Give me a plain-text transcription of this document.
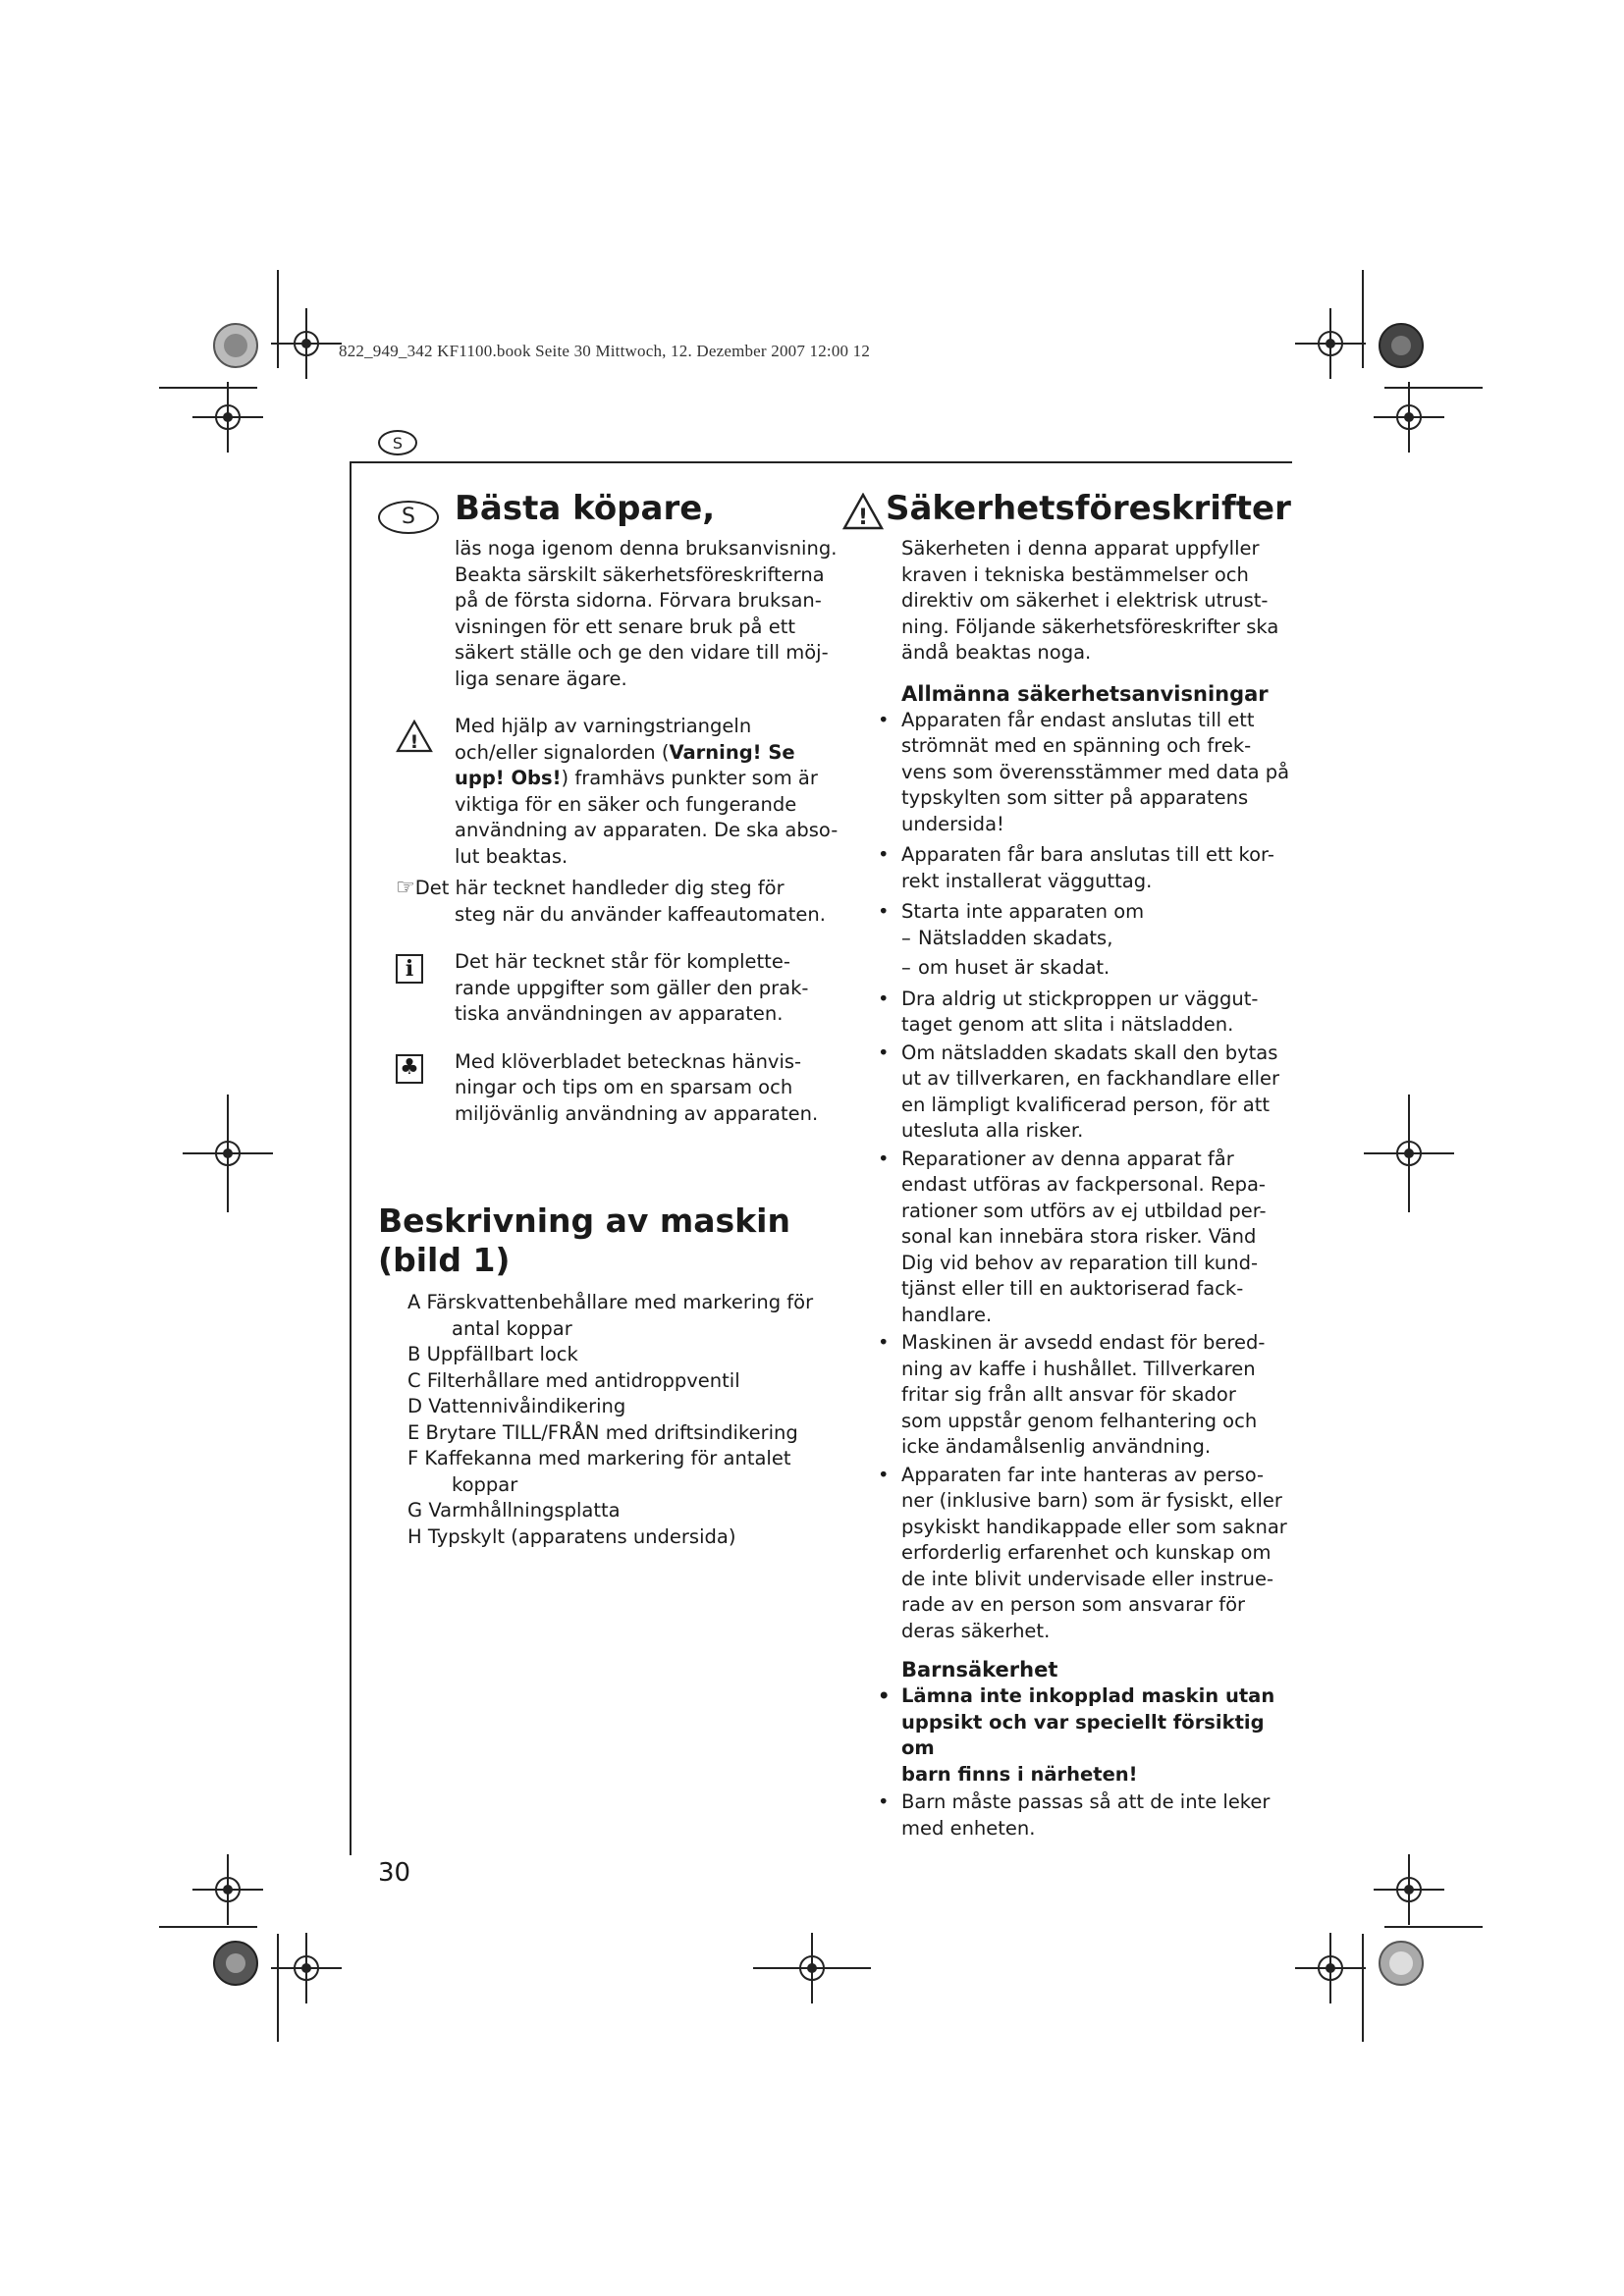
822_949_342 KF1100.book Seite 30 Mittwoch, 12. Dezember 2007 12:00 12
S
S Bästa köpare,

läs noga igenom denna bruksanvisning.

Beakta särskilt säkerhetsföreskrifterna

på de första sidorna. Förvara bruksan-

visningen för ett senare bruk på ett

säkert ställe och ge den vidare till möj-

liga senare ägare.

!

Med hjälp av varningstriangeln

och/eller signalorden (Varning! Se

upp! Obs!) framhävs punkter som är

viktiga för en säker och fungerande

användning av apparaten. De ska abso-

lut beaktas.

☞Det här tecknet handleder dig steg för

steg när du använder kaffeautomaten.

i	Det här tecknet står för komplette-

rande uppgifter som gäller den prak-

tiska användningen av apparaten.

♣ Med klöverbladet betecknas hänvis-

ningar och tips om en sparsam och

miljövänlig användning av apparaten.

Beskrivning av maskin

(bild 1)

A Färskvattenbehållare med markering för antal koppar

B Uppfällbart lock

C Filterhållare med antidroppventil

D Vattennivåindikering

E Brytare TILL/FRÅN med driftsindikering

F Kaffekanna med markering för antalet koppar

G Varmhållningsplatta

H Typskylt (apparatens undersida)

! Säkerhetsföreskrifter

Säkerheten i denna apparat uppfyller

kraven i tekniska bestämmelser och

direktiv om säkerhet i elektrisk utrust-

ning. Följande säkerhetsföreskrifter ska

ändå beaktas noga.

Allmänna säkerhetsanvisningar

• Apparaten får endast anslutas till ett

strömnät med en spänning och frek-

vens som överensstämmer med data på

typskylten som sitter på apparatens

undersida!

• Apparaten får bara anslutas till ett kor-

rekt installerat vägguttag.

• Starta inte apparaten om

– Nätsladden skadats,
– om huset är skadat.

• Dra aldrig ut stickproppen ur väggut-

taget genom att slita i nätsladden.

• Om nätsladden skadats skall den bytas

ut av tillverkaren, en fackhandlare eller

en lämpligt kvalificerad person, för att

utesluta alla risker.

• Reparationer av denna apparat får

endast utföras av fackpersonal. Repa-

rationer som utförs av ej utbildad per-

sonal kan innebära stora risker. Vänd

Dig vid behov av reparation till kund-

tjänst eller till en auktoriserad fack-

handlare.

• Maskinen är avsedd endast för bered-

ning av kaffe i hushållet. Tillverkaren

fritar sig från allt ansvar för skador

som uppstår genom felhantering och

icke ändamålsenlig användning.

• Apparaten far inte hanteras av perso-

ner (inklusive barn) som är fysiskt, eller

psykiskt handikappade eller som saknar

erforderlig erfarenhet och kunskap om

de inte blivit undervisade eller instrue-

rade av en person som ansvarar för

deras säkerhet.

Barnsäkerhet

• Lämna inte inkopplad maskin utan

uppsikt och var speciellt försiktig om

barn finns i närheten!

• Barn måste passas så att de inte leker

med enheten.

30
